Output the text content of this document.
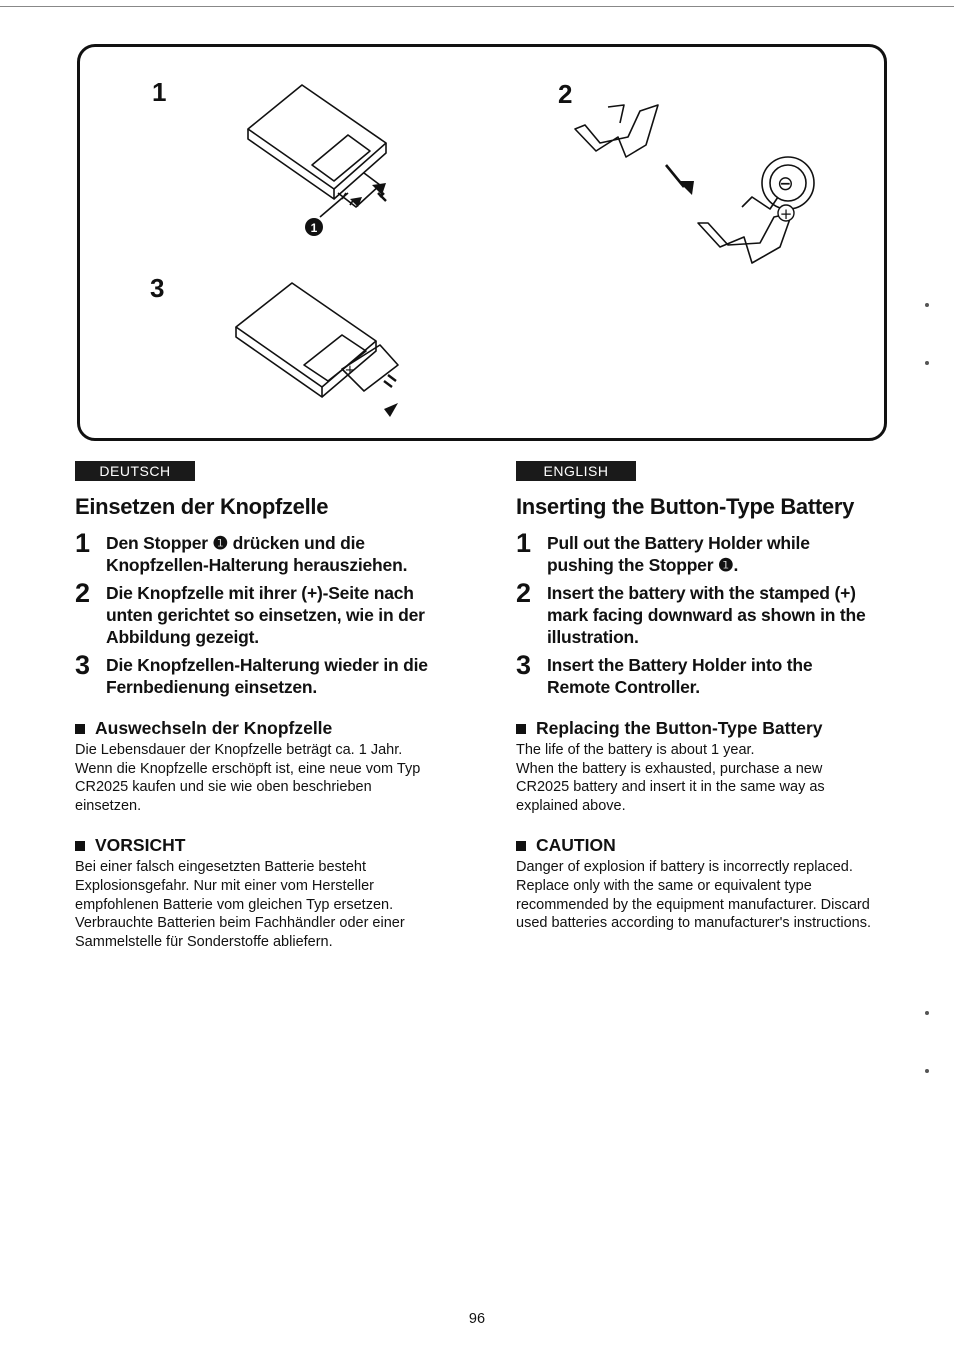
1	2
3
1
⊖
+
+
DEUTSCH	ENGLISH
Einsetzen der Knopfzelle
1 Den Stopper ❶ drücken und die
Knopfzellen-Halterung herausziehen.
2 Die Knopfzelle mit ihrer (+)-Seite nach
unten gerichtet so einsetzen, wie in der
Abbildung gezeigt.
3 Die Knopfzellen-Halterung wieder in die
Fernbedienung einsetzen.
Auswechseln der Knopfzelle
Die Lebensdauer der Knopfzelle beträgt ca. 1 Jahr.
Wenn die Knopfzelle erschöpft ist, eine neue vom Typ
CR2025 kaufen und sie wie oben beschrieben
einsetzen.
VORSICHT
Bei einer falsch eingesetzten Batterie besteht
Explosionsgefahr. Nur mit einer vom Hersteller
empfohlenen Batterie vom gleichen Typ ersetzen.
Verbrauchte Batterien beim Fachhändler oder einer
Sammelstelle für Sonderstoffe abliefern.
Inserting the Button-Type Battery
1 Pull out the Battery Holder while
pushing the Stopper ❶.
2 Insert the battery with the stamped (+)
mark facing downward as shown in the
illustration.
3 Insert the Battery Holder into the
Remote Controller.
Replacing the Button-Type Battery
The life of the battery is about 1 year.
When the battery is exhausted, purchase a new
CR2025 battery and insert it in the same way as
explained above.
CAUTION
Danger of explosion if battery is incorrectly replaced.
Replace only with the same or equivalent type
recommended by the equipment manufacturer. Discard
used batteries according to manufacturer's instructions.
96
